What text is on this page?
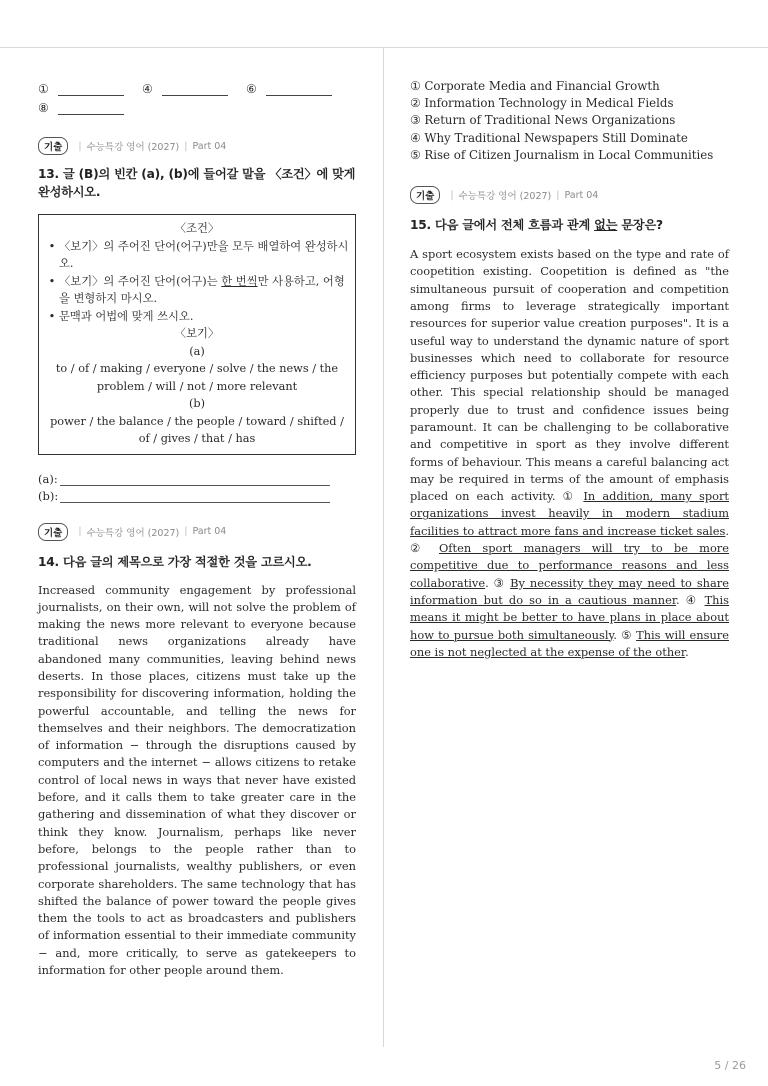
①	④	⑥
⑧
기출	| 수능특강 영어 (2027) | Part 04
13. 글 (B)의 빈칸 (a), (b)에 들어갈 말을 〈조건〉에 맞게 완성하시오.
〈조건〉
• 〈보기〉의 주어진 단어(어구)만을 모두 배열하여 완성하시오.
• 〈보기〉의 주어진 단어(어구)는 한 번씩만 사용하고, 어형을 변형하지 마시오.
• 문맥과 어법에 맞게 쓰시오.
〈보기〉
(a)
to / of / making / everyone / solve / the news / the problem / will / not / more relevant
(b)
power / the balance / the people / toward / shifted / of / gives / that / has
(a):
(b):
기출	| 수능특강 영어 (2027) | Part 04
14. 다음 글의 제목으로 가장 적절한 것을 고르시오.
Increased community engagement by professional journalists, on their own, will not solve the problem of making the news more relevant to everyone because traditional news organizations already have abandoned many communities, leaving behind news deserts. In those places, citizens must take up the responsibility for discovering information, holding the powerful accountable, and telling the news for themselves and their neighbors. The democratization of information − through the disruptions caused by computers and the internet − allows citizens to retake control of local news in ways that never have existed before, and it calls them to take greater care in the gathering and dissemination of what they discover or think they know. Journalism, perhaps like never before, belongs to the people rather than to professional journalists, wealthy publishers, or even corporate shareholders. The same technology that has shifted the balance of power toward the people gives them the tools to act as broadcasters and publishers of information essential to their immediate community − and, more critically, to serve as gatekeepers to information for other people around them.
① Corporate Media and Financial Growth
② Information Technology in Medical Fields
③ Return of Traditional News Organizations
④ Why Traditional Newspapers Still Dominate
⑤ Rise of Citizen Journalism in Local Communities
기출	| 수능특강 영어 (2027) | Part 04
15. 다음 글에서 전체 흐름과 관계 없는 문장은?
A sport ecosystem exists based on the type and rate of coopetition existing. Coopetition is defined as "the simultaneous pursuit of cooperation and competition among firms to leverage strategically important resources for superior value creation purposes". It is a useful way to understand the dynamic nature of sport businesses which need to collaborate for resource efficiency purposes but potentially compete with each other. This special relationship should be managed properly due to trust and confidence issues being paramount. It can be challenging to be collaborative and competitive in sport as they involve different forms of behaviour. This means a careful balancing act may be required in terms of the amount of emphasis placed on each activity. ① In addition, many sport organizations invest heavily in modern stadium facilities to attract more fans and increase ticket sales. ② Often sport managers will try to be more competitive due to performance reasons and less collaborative. ③ By necessity they may need to share information but do so in a cautious manner. ④ This means it might be better to have plans in place about how to pursue both simultaneously. ⑤ This will ensure one is not neglected at the expense of the other.
5 / 26
